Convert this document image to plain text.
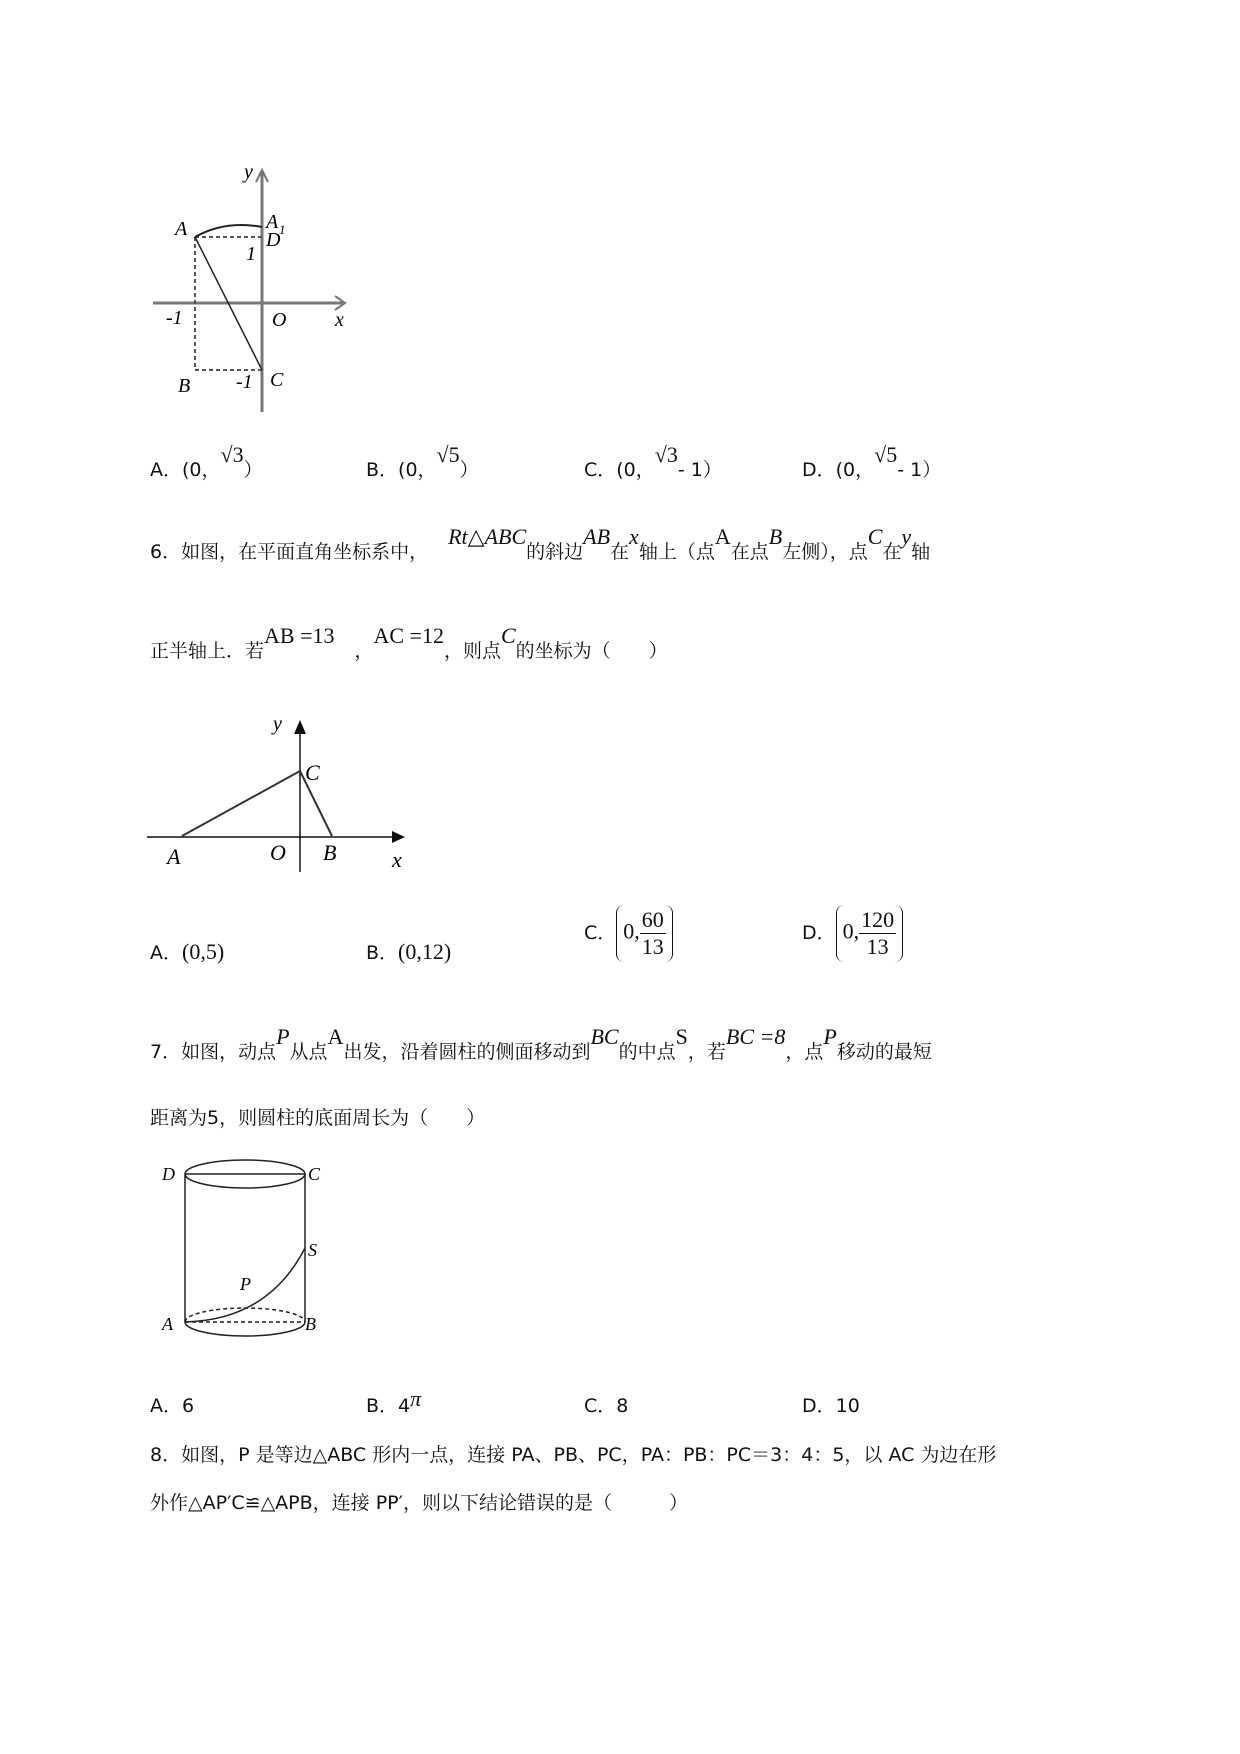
y
A	A 1
D
1
-1	O x
B -1 C
A．(0，√3）	B．(0，√5）	C．(0，√3- 1）	D．(0，√5- 1）
6．如图，在平面直角坐标系中，Rt△ABC的斜边AB在x轴上（点A在点B左侧），点C在y轴
正半轴上．若AB =13，AC =12，则点C的坐标为（　　）
y
C
A	O B	x
A．(0,5)	B．(0,12)
C． 0, $\frac{60}{13}$	D． 0, $\frac{120}{13}$
7．如图，动点P从点A出发，沿着圆柱的侧面移动到BC的中点S，若BC =8，点P移动的最短
距离为5，则圆柱的底面周长为（　　）
D	C
S
P
A	B
A．6	B．4π	C．8	D．10
8．如图，P 是等边△ABC 形内一点，连接 PA、PB、PC，PA：PB：PC＝3：4：5，以 AC 为边在形
外作△AP′C≌△APB，连接 PP′，则以下结论错误的是（　　　）
